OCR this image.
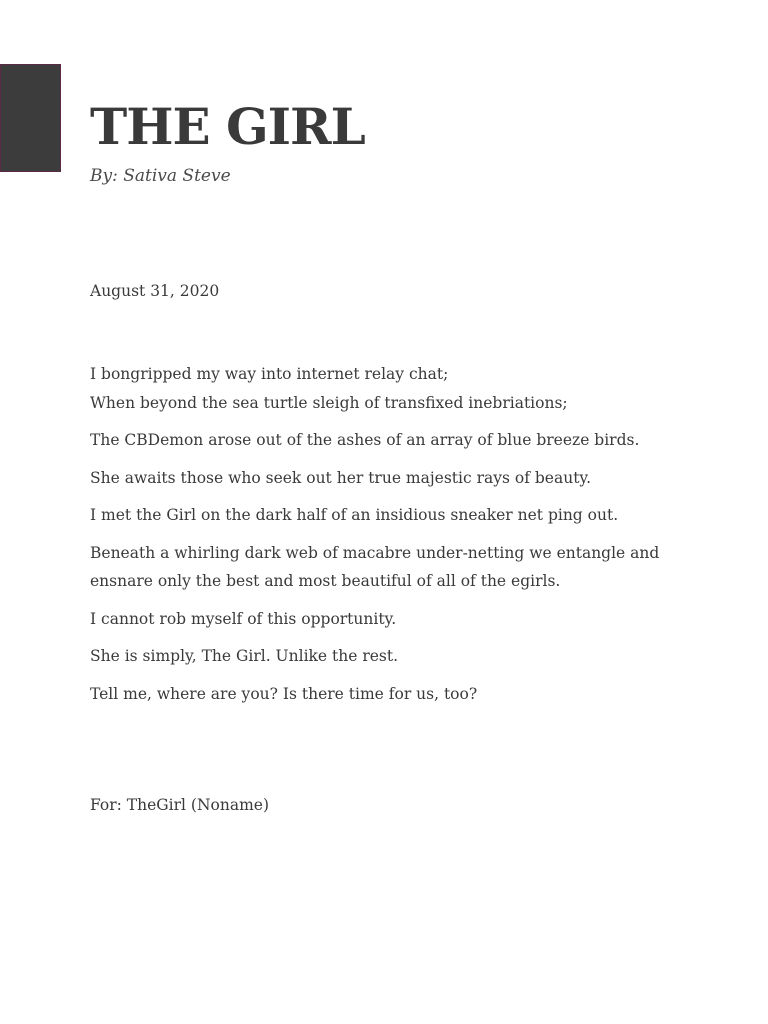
THE GIRL

By: Sativa Steve

August 31, 2020

I bongripped my way into internet relay chat;
When beyond the sea turtle sleigh of transfixed inebriations;
The CBDemon arose out of the ashes of an array of blue breeze birds.
She awaits those who seek out her true majestic rays of beauty.
I met the Girl on the dark half of an insidious sneaker net ping out.
Beneath a whirling dark web of macabre under-netting we entangle and
ensnare only the best and most beautiful of all of the egirls.
I cannot rob myself of this opportunity.
She is simply, The Girl. Unlike the rest.
Tell me, where are you? Is there time for us, too?

For: TheGirl (Noname)
